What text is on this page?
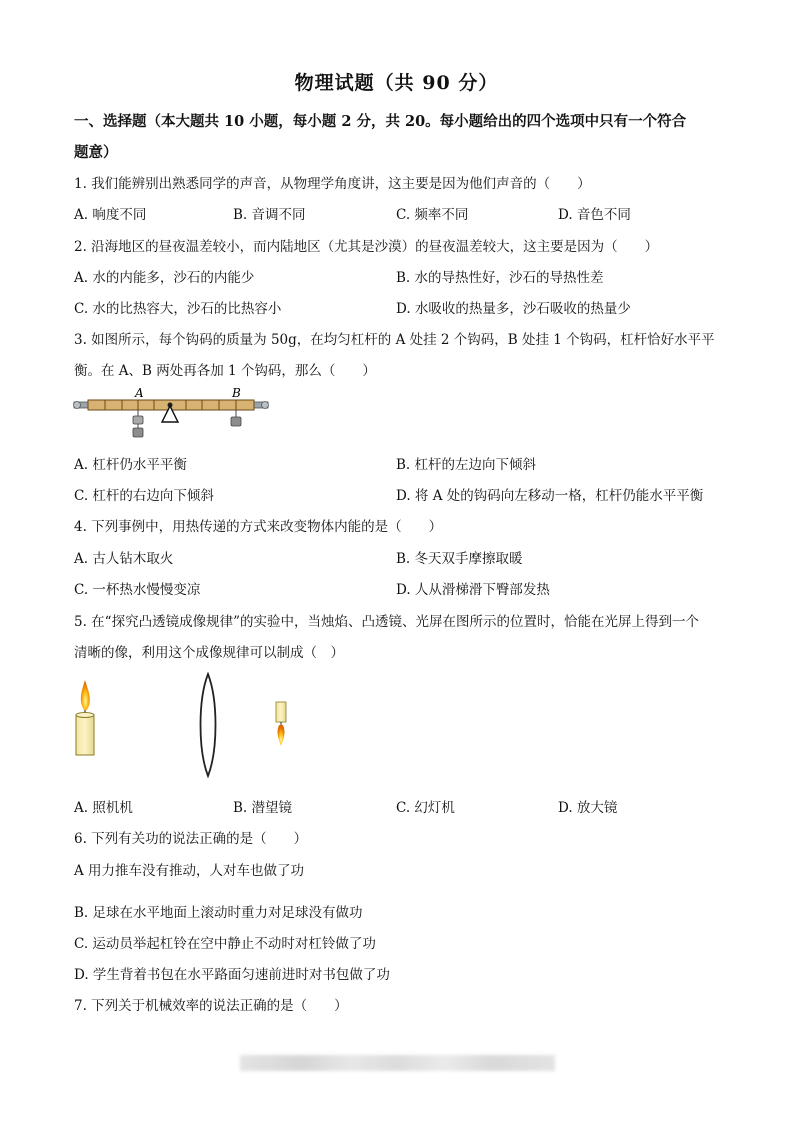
物理试题（共 90 分）
一、选择题（本大题共 10 小题，每小题 2 分，共 20。每小题给出的四个选项中只有一个符合
题意）
1. 我们能辨别出熟悉同学的声音，从物理学角度讲，这主要是因为他们声音的（　　）
A. 响度不同	B. 音调不同	C. 频率不同	D. 音色不同
2. 沿海地区的昼夜温差较小，而内陆地区（尤其是沙漠）的昼夜温差较大，这主要是因为（　　）
A. 水的内能多，沙石的内能少	B. 水的导热性好，沙石的导热性差
C. 水的比热容大，沙石的比热容小	D. 水吸收的热量多，沙石吸收的热量少
3. 如图所示，每个钩码的质量为 50g，在均匀杠杆的 A 处挂 2 个钩码，B 处挂 1 个钩码，杠杆恰好水平平
衡。在 A、B 两处再各加 1 个钩码，那么（　　）
A	B
A. 杠杆仍水平平衡	B. 杠杆的左边向下倾斜
C. 杠杆的右边向下倾斜	D. 将 A 处的钩码向左移动一格，杠杆仍能水平平衡
4. 下列事例中，用热传递的方式来改变物体内能的是（　　）
A. 古人钻木取火	B. 冬天双手摩擦取暖
C. 一杯热水慢慢变凉	D. 人从滑梯滑下臀部发热
5. 在“探究凸透镜成像规律”的实验中，当烛焰、凸透镜、光屏在图所示的位置时，恰能在光屏上得到一个
清晰的像，利用这个成像规律可以制成（　）
A. 照机机	B. 潜望镜	C. 幻灯机	D. 放大镜
6. 下列有关功的说法正确的是（　　）
A 用力推车没有推动，人对车也做了功
B. 足球在水平地面上滚动时重力对足球没有做功
C. 运动员举起杠铃在空中静止不动时对杠铃做了功
D. 学生背着书包在水平路面匀速前进时对书包做了功
7. 下列关于机械效率的说法正确的是（　　）
